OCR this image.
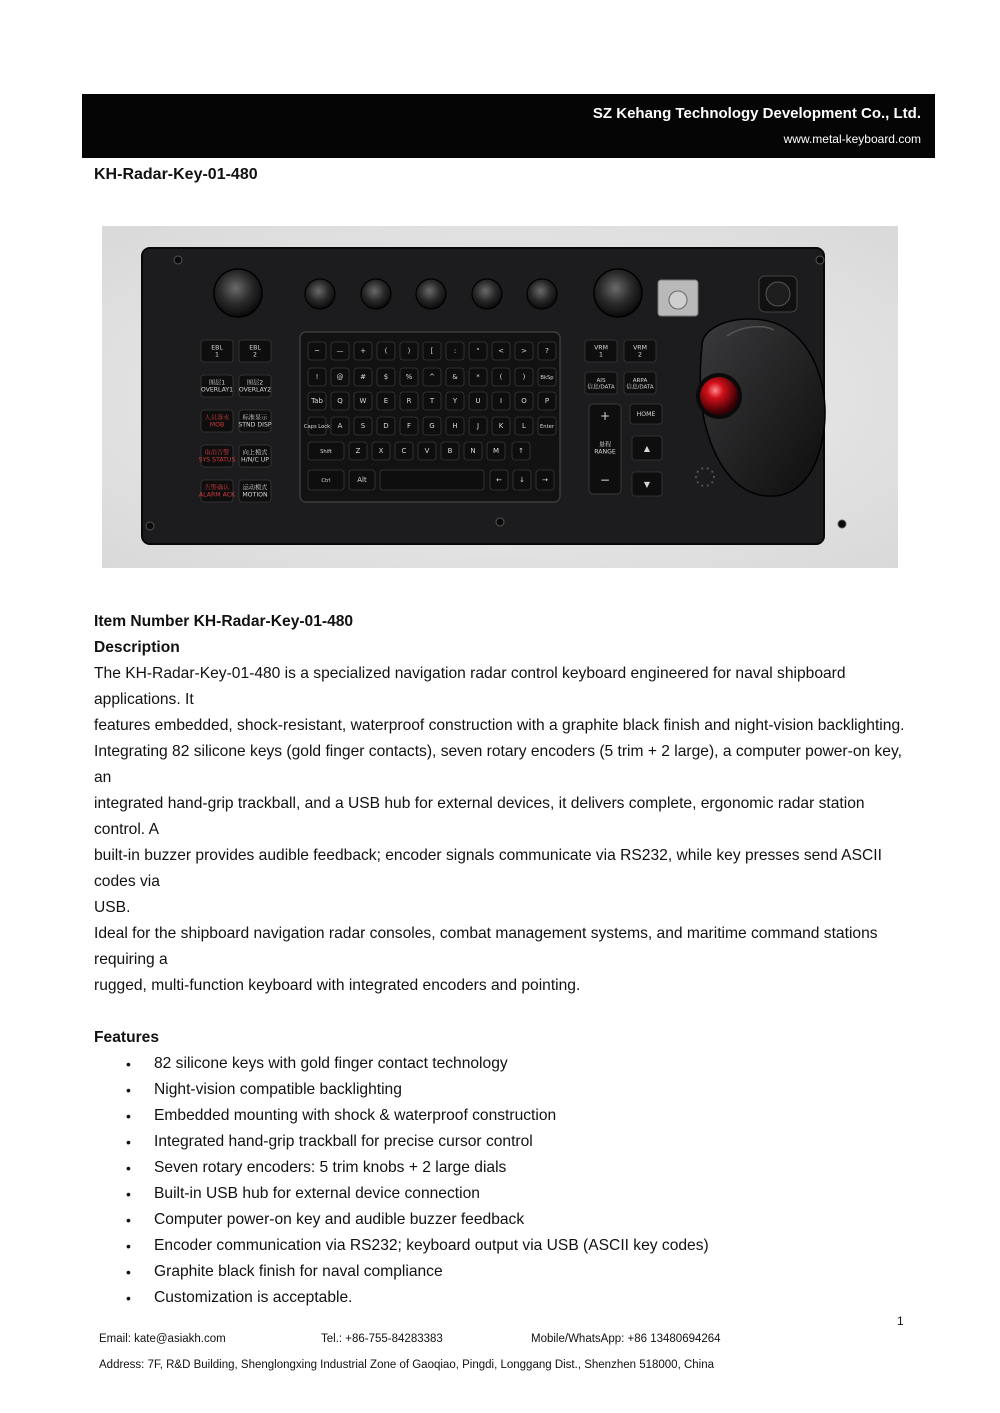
SZ Kehang Technology Development Co., Ltd.
www.metal-keyboard.com
KH-Radar-Key-01-480
EBL 1
EBL 2
图层1 OVERLAY1
图层2 OVERLAY2
人员落水 MOB
标准显示 STND DISP
取消告警 SYS STATUS
向上模式 H/N/C UP
告警确认 ALARM ACK
运动模式 MOTION
~ — +	(	)	[	:	"	< >	?
!	@ #	$ % ^ &	*	(	)	BkSp
Tab Q W E	R	T	Y	U	I	O	P
Caps Lock A	S	D	F	G	H	J	K	L	Enter
Shift	Z	X	C	V	B	N M	↑
Ctrl	Alt	← ↓ →
VRM 1
VRM 2
AIS 信息/DATA
ARPA 信息/DATA
+
量程 RANGE
−
HOME
▲
▼

Item Number KH-Radar-Key-01-480

Description

The KH-Radar-Key-01-480 is a specialized navigation radar control keyboard engineered for naval shipboard applications. It

features embedded, shock-resistant, waterproof construction with a graphite black finish and night-vision backlighting.

Integrating 82 silicone keys (gold finger contacts), seven rotary encoders (5 trim + 2 large), a computer power-on key, an

integrated hand-grip trackball, and a USB hub for external devices, it delivers complete, ergonomic radar station control. A

built-in buzzer provides audible feedback; encoder signals communicate via RS232, while key presses send ASCII codes via

USB.

Ideal for the shipboard navigation radar consoles, combat management systems, and maritime command stations requiring a

rugged, multi-function keyboard with integrated encoders and pointing.

Features

• 82 silicone keys with gold finger contact technology
• Night-vision compatible backlighting
• Embedded mounting with shock & waterproof construction
• Integrated hand-grip trackball for precise cursor control
• Seven rotary encoders: 5 trim knobs + 2 large dials
• Built-in USB hub for external device connection
• Computer power-on key and audible buzzer feedback
• Encoder communication via RS232; keyboard output via USB (ASCII key codes)
• Graphite black finish for naval compliance
• Customization is acceptable.
1
Email: kate@asiakh.com	Tel.: +86-755-84283383	Mobile/WhatsApp: +86 13480694264
Address: 7F, R&D Building, Shenglongxing Industrial Zone of Gaoqiao, Pingdi, Longgang Dist., Shenzhen 518000, China
